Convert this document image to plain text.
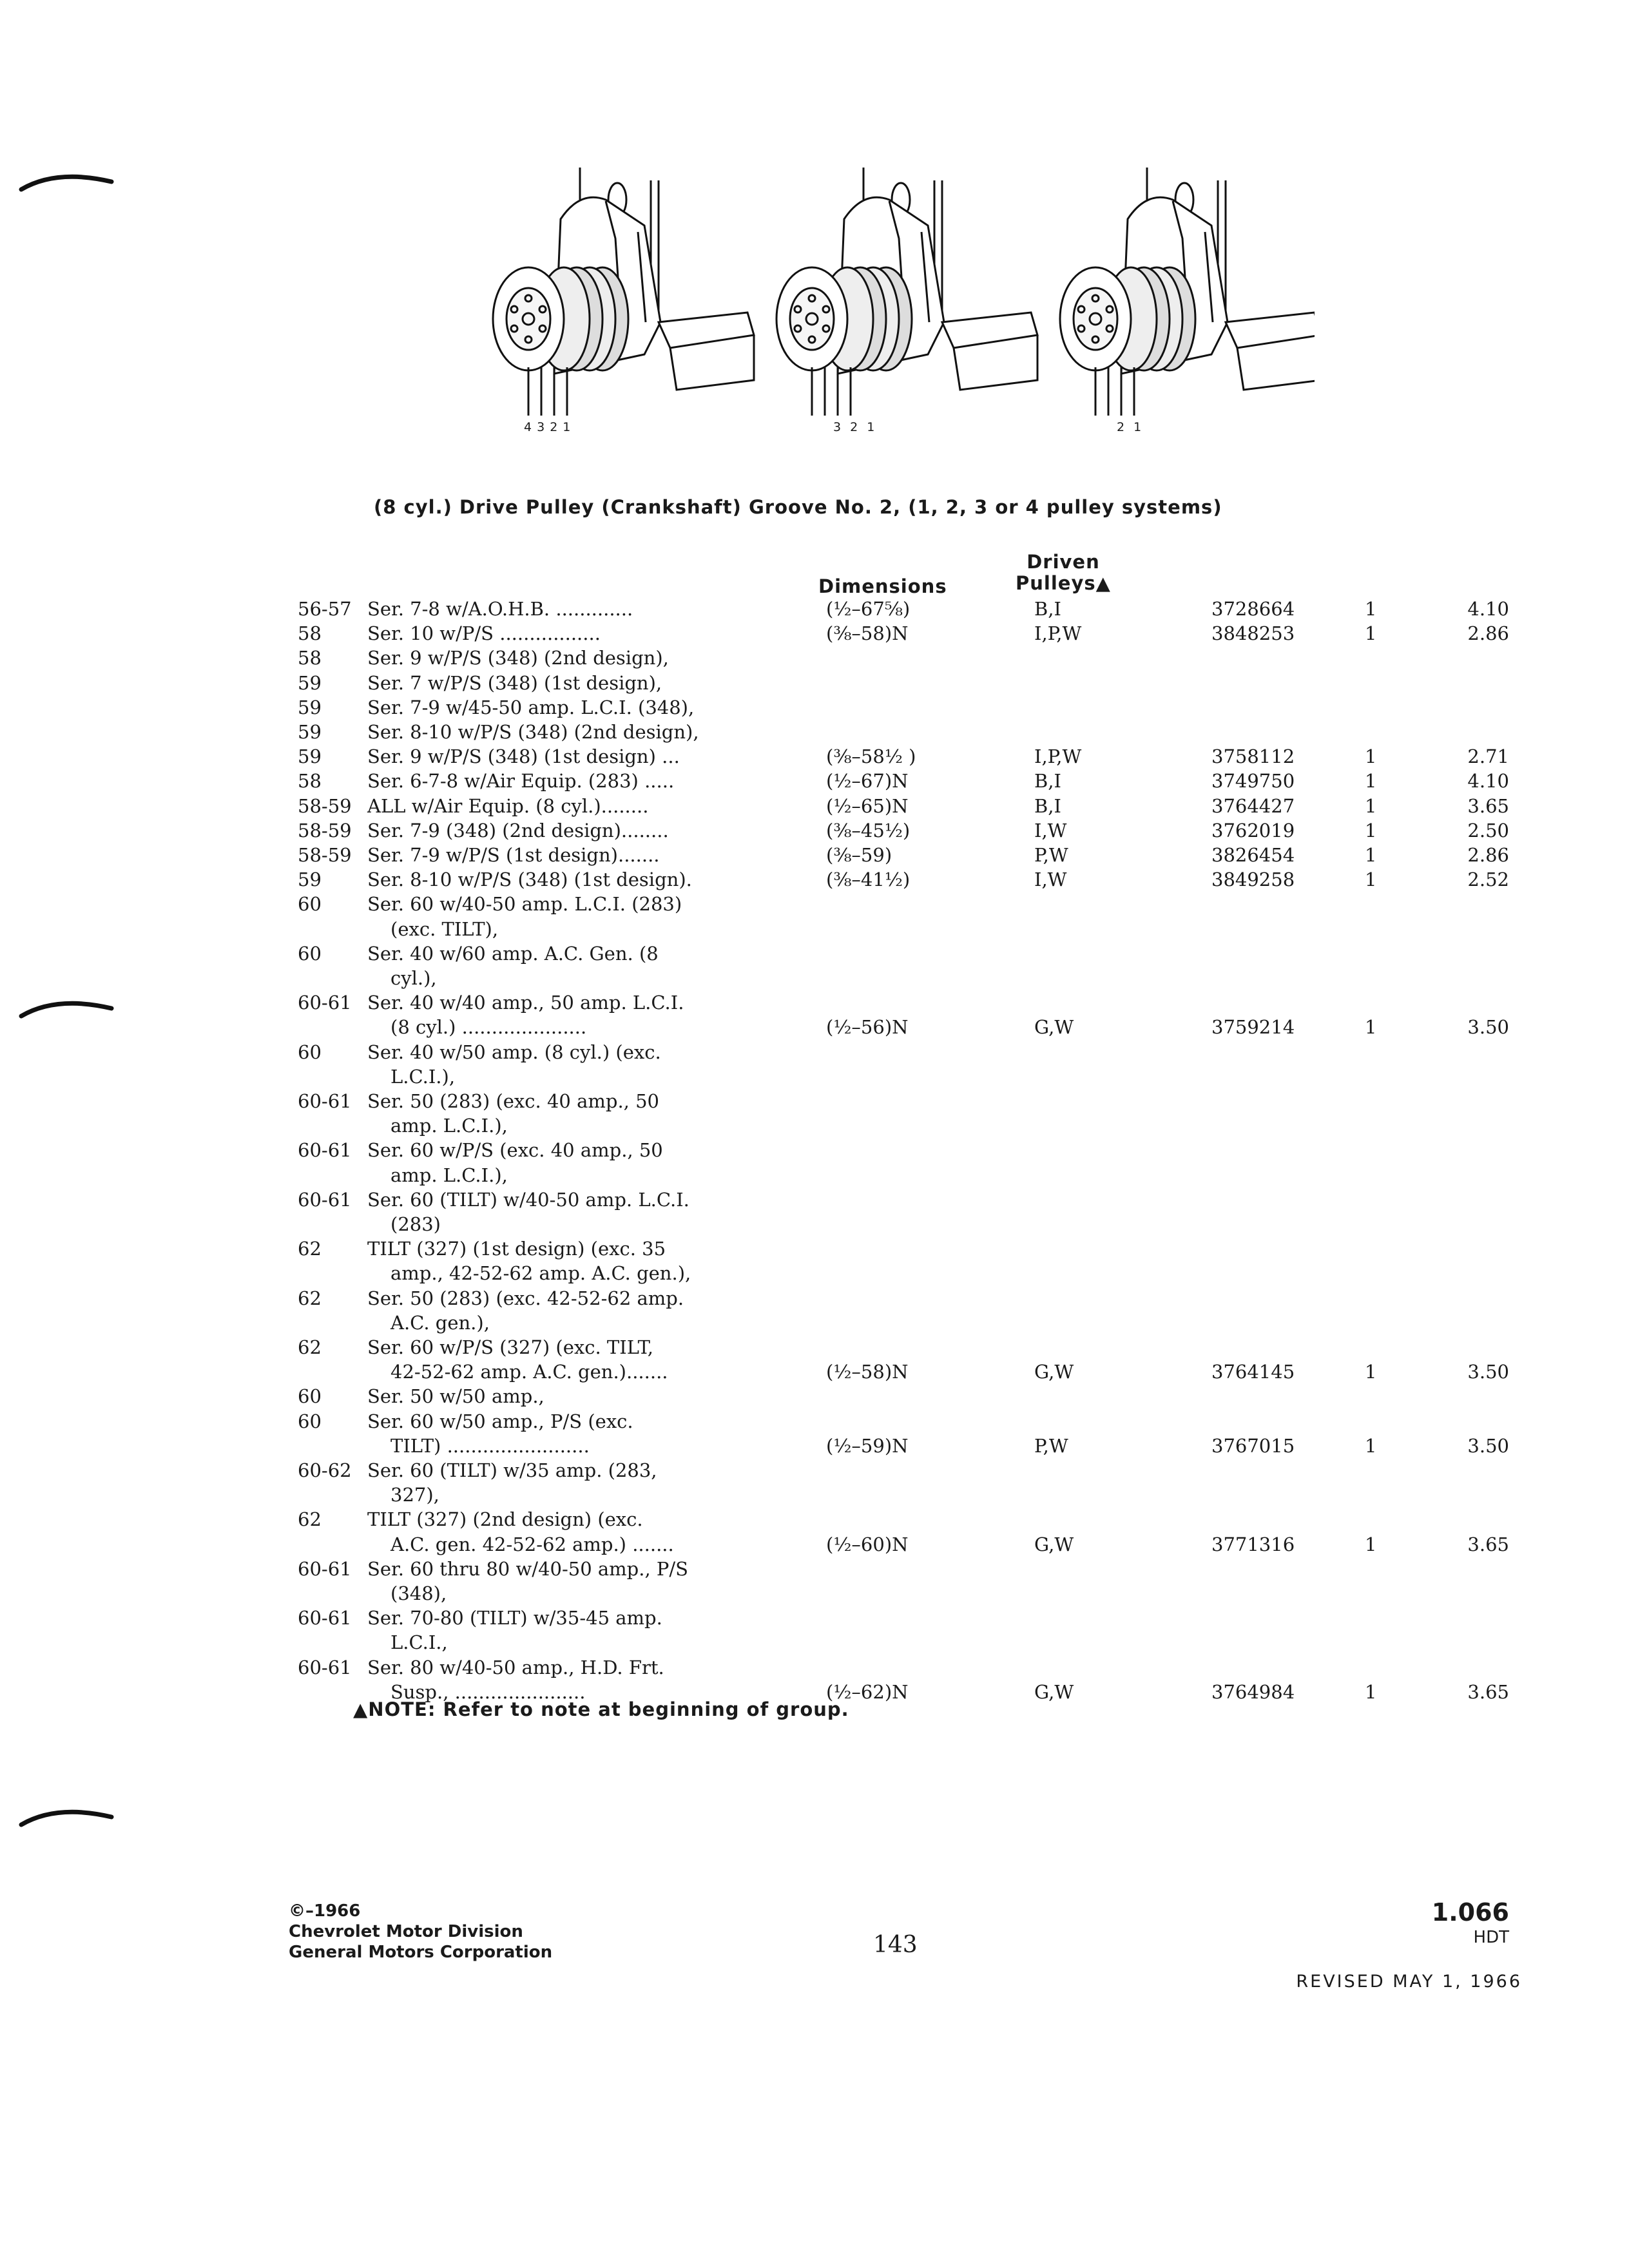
4321	321	21
(8 cyl.) Drive Pulley (Crankshaft) Groove No. 2, (1, 2, 3 or 4 pulley systems)
Dimensions
Driven
Pulleys▲
56-57 Ser. 7-8 w/A.O.H.B. .............	(½–67⅝)	B,I	3728664	1	4.10
58 Ser. 10 w/P/S .................	(⅜–58)N	I,P,W	3848253	1	2.86
58 Ser. 9 w/P/S (348) (2nd design),
59 Ser. 7 w/P/S (348) (1st design),
59 Ser. 7-9 w/45-50 amp. L.C.I. (348),
59 Ser. 8-10 w/P/S (348) (2nd design),
59 Ser. 9 w/P/S (348) (1st design) ...	(⅜–58½ )	I,P,W	3758112	1	2.71
58 Ser. 6-7-8 w/Air Equip. (283) .....	(½–67)N	B,I	3749750	1	4.10
58-59 ALL w/Air Equip. (8 cyl.)........	(½–65)N	B,I	3764427	1	3.65
58-59 Ser. 7-9 (348) (2nd design)........	(⅜–45½)	I,W	3762019	1	2.50
58-59 Ser. 7-9 w/P/S (1st design).......	(⅜–59)	P,W	3826454	1	2.86
59 Ser. 8-10 w/P/S (348) (1st design).	(⅜–41½)	I,W	3849258	1	2.52
60 Ser. 60 w/40-50 amp. L.C.I. (283)
(exc. TILT),
60 Ser. 40 w/60 amp. A.C. Gen. (8
cyl.),
60-61 Ser. 40 w/40 amp., 50 amp. L.C.I.
(8 cyl.) .....................	(½–56)N	G,W	3759214	1	3.50
60 Ser. 40 w/50 amp. (8 cyl.) (exc.
L.C.I.),
60-61 Ser. 50 (283) (exc. 40 amp., 50
amp. L.C.I.),
60-61 Ser. 60 w/P/S (exc. 40 amp., 50
amp. L.C.I.),
60-61 Ser. 60 (TILT) w/40-50 amp. L.C.I.
(283)
62 TILT (327) (1st design) (exc. 35
amp., 42-52-62 amp. A.C. gen.),
62 Ser. 50 (283) (exc. 42-52-62 amp.
A.C. gen.),
62 Ser. 60 w/P/S (327) (exc. TILT,
42-52-62 amp. A.C. gen.).......	(½–58)N	G,W	3764145	1	3.50
60 Ser. 50 w/50 amp.,
60 Ser. 60 w/50 amp., P/S (exc.
TILT) ........................	(½–59)N	P,W	3767015	1	3.50
60-62 Ser. 60 (TILT) w/35 amp. (283,
327),
62 TILT (327) (2nd design) (exc.
A.C. gen. 42-52-62 amp.) .......	(½–60)N	G,W	3771316	1	3.65
60-61 Ser. 60 thru 80 w/40-50 amp., P/S
(348),
60-61 Ser. 70-80 (TILT) w/35-45 amp.
L.C.I.,
60-61 Ser. 80 w/40-50 amp., H.D. Frt.
Susp., ......................	(½–62)N	G,W	3764984	1	3.65
▲NOTE: Refer to note at beginning of group.
©–1966
Chevrolet Motor Division
General Motors Corporation	143
1.066
HDT
REVISED MAY 1, 1966
